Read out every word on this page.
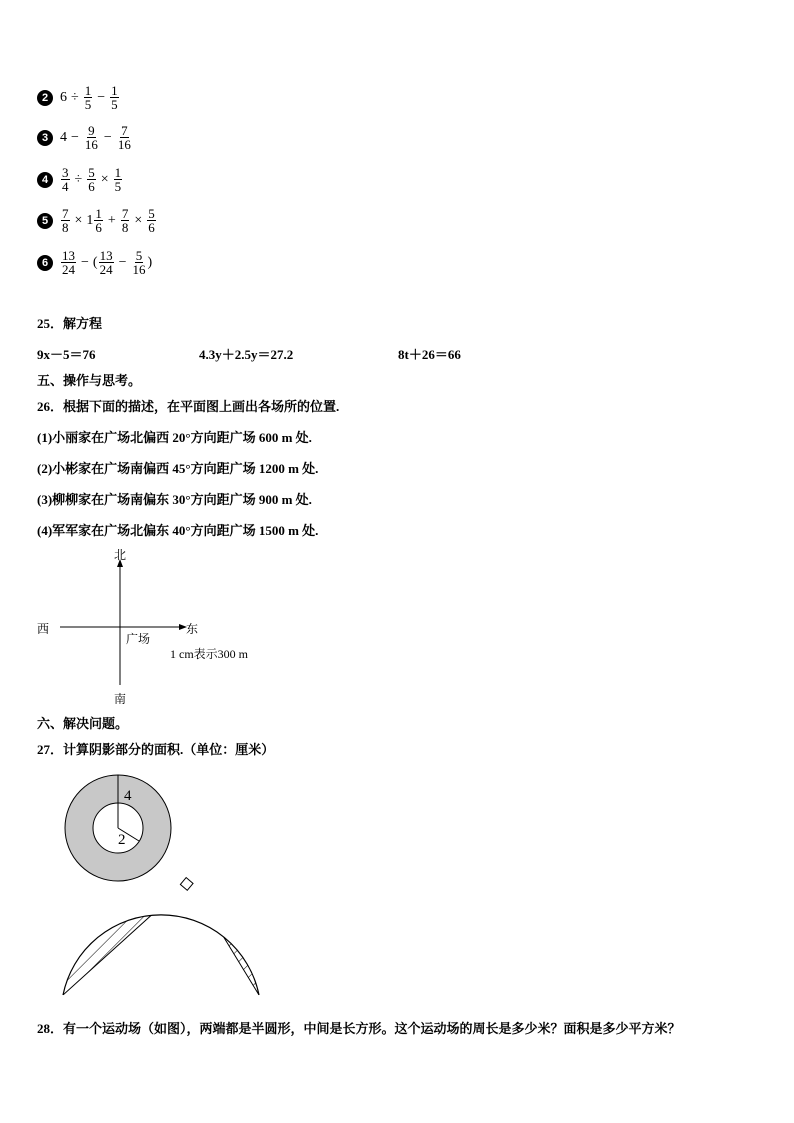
2 $6 \div \frac{1}{5} - \frac{1}{5}$
3 $4 - \frac{9}{16} - \frac{7}{16}$
$4 \frac{3}{4} \div \frac{5}{6} \times \frac{1}{5}$
$5 \frac{7}{8} \times 1 \frac{1}{6} + \frac{7}{8} \times \frac{5}{6}$
$6 \frac{13}{24}$ − ( $\frac{13}{24} - \frac{5}{16}$ )
25．解方程
9x－5＝76	4.3y＋2.5y＝27.2	8t＋26＝66
五、操作与思考。
26．根据下面的描述，在平面图上画出各场所的位置.
(1)小丽家在广场北偏西 20°方向距广场 600 m 处.
(2)小彬家在广场南偏西 45°方向距广场 1200 m 处.
(3)柳柳家在广场南偏东 30°方向距广场 900 m 处.
(4)军军家在广场北偏东 40°方向距广场 1500 m 处.
北
南
西	东
广场
1 cm表示300 m
六、解决问题。
27．计算阴影部分的面积.（单位：厘米）
4
2
28．有一个运动场（如图），两端都是半圆形，中间是长方形。这个运动场的周长是多少米？面积是多少平方米？
